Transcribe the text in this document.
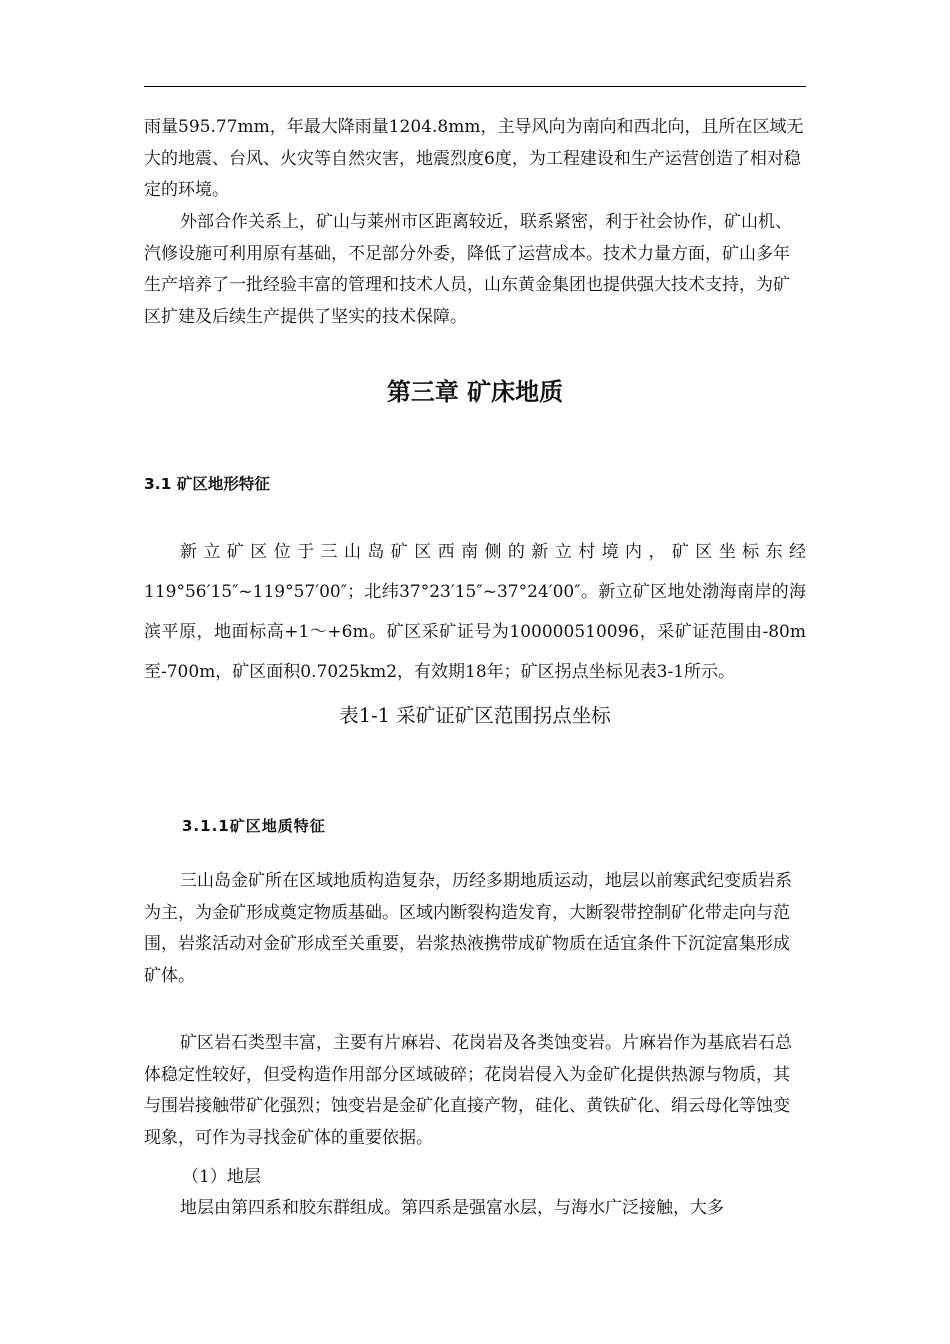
雨量595.77mm，年最大降雨量1204.8mm，主导风向为南向和西北向，且所在区域无大的地震、台风、火灾等自然灾害，地震烈度6度，为工程建设和生产运营创造了相对稳定的环境。

外部合作关系上，矿山与莱州市区距离较近，联系紧密，利于社会协作，矿山机、汽修设施可利用原有基础，不足部分外委，降低了运营成本。技术力量方面，矿山多年生产培养了一批经验丰富的管理和技术人员，山东黄金集团也提供强大技术支持，为矿区扩建及后续生产提供了坚实的技术保障。

第三章 矿床地质
3.1 矿区地形特征

新立矿区位于三山岛矿区西南侧的新立村境内，矿区坐标东经119°56′15″~119°57′00″；北纬37°23′15″~37°24′00″。新立矿区地处渤海南岸的海滨平原，地面标高+1～+6m。矿区采矿证号为100000510096，采矿证范围由-80m至-700m，矿区面积0.7025km2，有效期18年；矿区拐点坐标见表3-1所示。

表1-1 采矿证矿区范围拐点坐标

3.1.1矿区地质特征

三山岛金矿所在区域地质构造复杂，历经多期地质运动，地层以前寒武纪变质岩系为主，为金矿形成奠定物质基础。区域内断裂构造发育，大断裂带控制矿化带走向与范围，岩浆活动对金矿形成至关重要，岩浆热液携带成矿物质在适宜条件下沉淀富集形成矿体。

矿区岩石类型丰富，主要有片麻岩、花岗岩及各类蚀变岩。片麻岩作为基底岩石总体稳定性较好，但受构造作用部分区域破碎；花岗岩侵入为金矿化提供热源与物质，其与围岩接触带矿化强烈；蚀变岩是金矿化直接产物，硅化、黄铁矿化、绢云母化等蚀变现象，可作为寻找金矿体的重要依据。

（1）地层

地层由第四系和胶东群组成。第四系是强富水层，与海水广泛接触，大多
